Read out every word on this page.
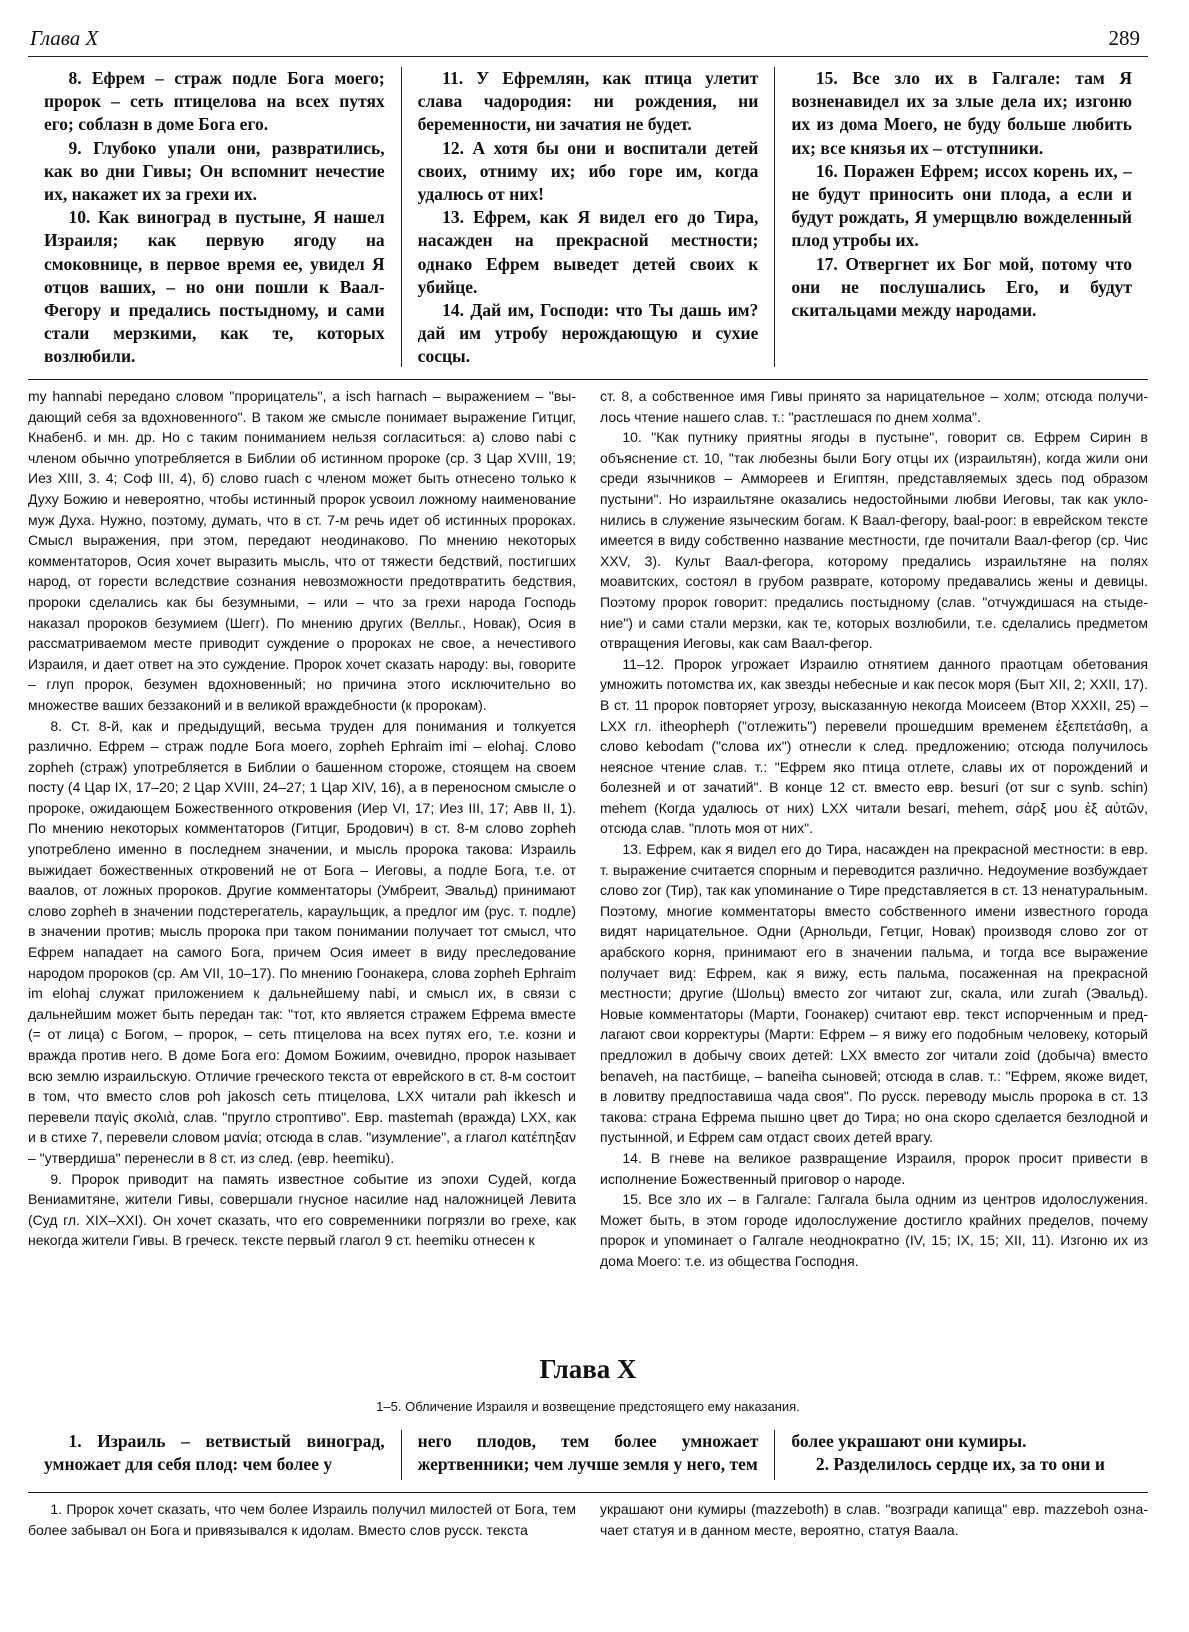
Глава X	289

8. Ефрем – страж подле Бога моего; пророк – сеть птицелова на всех путях его; соблазн в доме Бога его.

9. Глубоко упали они, развратились, как во дни Гивы; Он вспомнит нечестие их, накажет их за грехи их.

10. Как виноград в пустыне, Я нашел Израиля; как первую ягоду на смоковнице, в первое время ее, увидел Я отцов ваших, – но они пошли к Ваал-Фегору и предались постыдному, и сами стали мерзкими, как те, которых возлюбили.

11. У Ефремлян, как птица улетит слава чадородия: ни рождения, ни беременности, ни зачатия не будет.

12. А хотя бы они и воспитали детей своих, отниму их; ибо горе им, когда удалюсь от них!

13. Ефрем, как Я видел его до Тира, насажден на прекрасной местности; однако Ефрем выведет детей своих к убийце.

14. Дай им, Господи: что Ты дашь им? дай им утробу нерождающую и сухие сосцы.

15. Все зло их в Галгале: там Я возненавидел их за злые дела их; изгоню их из дома Моего, не буду больше любить их; все князья их – отступники.

16. Поражен Ефрем; иссох корень их, – не будут приносить они плода, а если и будут рождать, Я умерщвлю вожделенный плод утробы их.

17. Отвергнет их Бог мой, потому что они не послушались Его, и будут скитальцами между народами.

my hannabi передано словом "прорицатель", а isch harnach – выражением – "выдающий себя за вдохновенного". В таком же смысле понимает выражение Гитциг, Кнабенб. и мн. др. Но с таким пониманием нельзя согласиться: а) слово nabi с членом обычно употребляется в Библии об истинном пророке (ср. 3 Цар XVIII, 19; Иез XIII, 3. 4; Соф III, 4), б) слово ruach с членом может быть отнесено только к Духу Божию и невероятно, чтобы истинный пророк усвоил ложному наименование муж Духа. Нужно, поэтому, думать, что в ст. 7-м речь идет об истинных пророках. Смысл выражения, при этом, передают неодинаково. По мнению некоторых комментаторов, Осия хочет выразить мысль, что от тяжести бедствий, постигших народ, от горести вследствие сознания невозможности предотвратить бедствия, пророки сделались как бы безумными, – или – что за грехи народа Господь наказал пророков безумием (Шегг). По мнению других (Велльг., Новак), Осия в рассматриваемом месте приводит суждение о пророках не свое, а нечестивого Израиля, и дает ответ на это суждение. Пророк хочет сказать народу: вы, говорите – глуп пророк, безумен вдохновенный; но причина этого исключительно во множестве ваших беззаконий и в великой враждебности (к пророкам).

8. Ст. 8-й, как и предыдущий, весьма труден для понимания и толкуется различно. Ефрем – страж подле Бога моего, zopheh Ephraim imi – elohaj. Слово zopheh (страж) употребляется в Библии о башенном сторожe, стоящем на своем посту (4 Цар IX, 17–20; 2 Цар XVIII, 24–27; 1 Цар XIV, 16), а в переносном смысле о пророке, ожидающем Божественного откровения (Иер VI, 17; Иез III, 17; Авв II, 1). По мнению некоторых комментаторов (Гитциг, Бродович) в ст. 8-м слово zopheh употреблено именно в последнем значении, и мысль пророка такова: Израиль выжидает божественных откровений не от Бога – Иеговы, а подле Бога, т.е. от ваалов, от ложных пророков. Другие комментаторы (Умбреит, Эвальд) принимают слово zopheh в значении подстерегатель, караульщик, а предлог им (рус. т. подле) в значении против; мысль пророка при таком понимании получает тот смысл, что Ефрем нападает на самого Бога, причем Осия имеет в виду преследование народом пророков (ср. Ам VII, 10–17). По мнению Гоонакера, слова zopheh Ephraim im elohaj служат приложением к дальнейшему nabi, и смысл их, в связи с дальнейшим может быть передан так: "тот, кто является стражем Ефрема вместе (= от лица) с Богом, – пророк, – сеть птицелова на всех путях его, т.е. козни и вражда против него. В доме Бога его: Домом Божиим, очевидно, пророк называет всю землю израильскую. Отличие греческого текста от еврейского в ст. 8-м состоит в том, что вместо слов poh jakosch сеть птицелова, LXX читали pah ikkesch и перевели παγὶς σκολιὰ, слав. "пругло строптиво". Евр. mastemah (вражда) LXX, как и в стихе 7, перевели словом μανία; отсюда в слав. "изумление", а глагол κατέπηξαν – "утвердиша" перенесли в 8 ст. из след. (евр. heemiku).

9. Пророк приводит на память известное событие из эпохи Судей, когда Вениамитяне, жители Гивы, совершали гнусное насилие над наложницей Левита (Суд гл. XIX–XXI). Он хочет сказать, что его современники погрязли во грехе, как некогда жители Гивы. В греческ. тексте первый глагол 9 ст. heemiku отнесен к

ст. 8, а собственное имя Гивы принято за нарицательное – холм; отсюда получилось чтение нашего слав. т.: "растлешася по днем холма".

10. "Как путнику приятны ягоды в пустыне", говорит св. Ефрем Сирин в объяснение ст. 10, "так любезны были Богу отцы их (израильтян), когда жили они среди язычников – Аммореев и Египтян, представляемых здесь под образом пустыни". Но израильтяне оказались недостойными любви Иеговы, так как уклонились в служение языческим богам. К Ваал-фегору, baal-poor: в еврейском тексте имеется в виду собственно название местности, где почитали Ваал-фегор (ср. Чис XXV, 3). Культ Ваал-фегора, которому предались израильтяне на полях моавитских, состоял в грубом разврате, которому предавались жены и девицы. Поэтому пророк говорит: предались постыдному (слав. "отчуждишася на стыдение") и сами стали мерзки, как те, которых возлюбили, т.е. сделались предметом отвращения Иеговы, как сам Ваал-фегор.

11–12. Пророк угрожает Израилю отнятием данного праотцам обетования умножить потомства их, как звезды небесные и как песок моря (Быт XII, 2; XXII, 17). В ст. 11 пророк повторяет угрозу, высказанную некогда Моисеем (Втор XXXII, 25) – LXX гл. itheopheph ("отлежить") перевели прошедшим временем ἐξεπετάσθη, а слово kebodam ("слова их") отнесли к след. предложению; отсюда получилось неясное чтение слав. т.: "Ефрем яко птица отлете, славы их от порождений и болезней и от зачатий". В конце 12 ст. вместо евр. besuri (от sur с synb. schin) mehem (Когда удалюсь от них) LXX читали besari, mehem, σάρξ μου ἐξ αὐτῶν, отсюда слав. "плоть моя от них".

13. Ефрем, как я видел его до Тира, насажден на прекрасной местности: в евр. т. выражение считается спорным и переводится различно. Недоумение возбуждает слово zor (Тир), так как упоминание о Тире представляется в ст. 13 ненатуральным. Поэтому, многие комментаторы вместо собственного имени известного города видят нарицательное. Одни (Арнольди, Гетциг, Новак) производя слово zor от арабского корня, принимают его в значении пальма, и тогда все выражение получает вид: Ефрем, как я вижу, есть пальма, посаженная на прекрасной местности; другие (Шольц) вместо zor читают zur, скала, или zurah (Эвальд). Новые комментаторы (Марти, Гоонакер) считают евр. текст испорченным и предлагают свои корректуры (Марти: Ефрем – я вижу его подобным человеку, который предложил в добычу своих детей: LXX вместо zor читали zoid (добыча) вместо benaveh, на пастбище, – baneiha сыновей; отсюда в слав. т.: "Ефрем, якоже видет, в ловитву предпоставиша чада своя". По русск. переводу мысль пророка в ст. 13 такова: страна Ефрема пышно цвет до Тира; но она скоро сделается безлодной и пустынной, и Ефрем сам отдаст своих детей врагу.

14. В гневе на великое развращение Израиля, пророк просит привести в исполнение Божественный приговор о народе.

15. Все зло их – в Галгале: Галгала была одним из центров идолослужения. Может быть, в этом городе идолослужение достигло крайних пределов, почему пророк и упоминает о Галгале неоднократно (IV, 15; IX, 15; XII, 11). Изгоню их из дома Моего: т.е. из общества Господня.

Глава X
1–5. Обличение Израиля и возвещение предстоящего ему наказания.

1. Израиль – ветвистый виноград, умножает для себя плод: чем более у

него плодов, тем более умножает жертвенники; чем лучше земля у него, тем

более украшают они кумиры.

2. Разделилось сердце их, за то они и

1. Пророк хочет сказать, что чем более Израиль получил милостей от Бога, тем более забывал он Бога и привязывался к идолам. Вместо слов русск. текста

украшают они кумиры (mazzeboth) в слав. "возгради капища" евр. mazzeboh означает статуя и в данном месте, вероятно, статуя Ваала.
